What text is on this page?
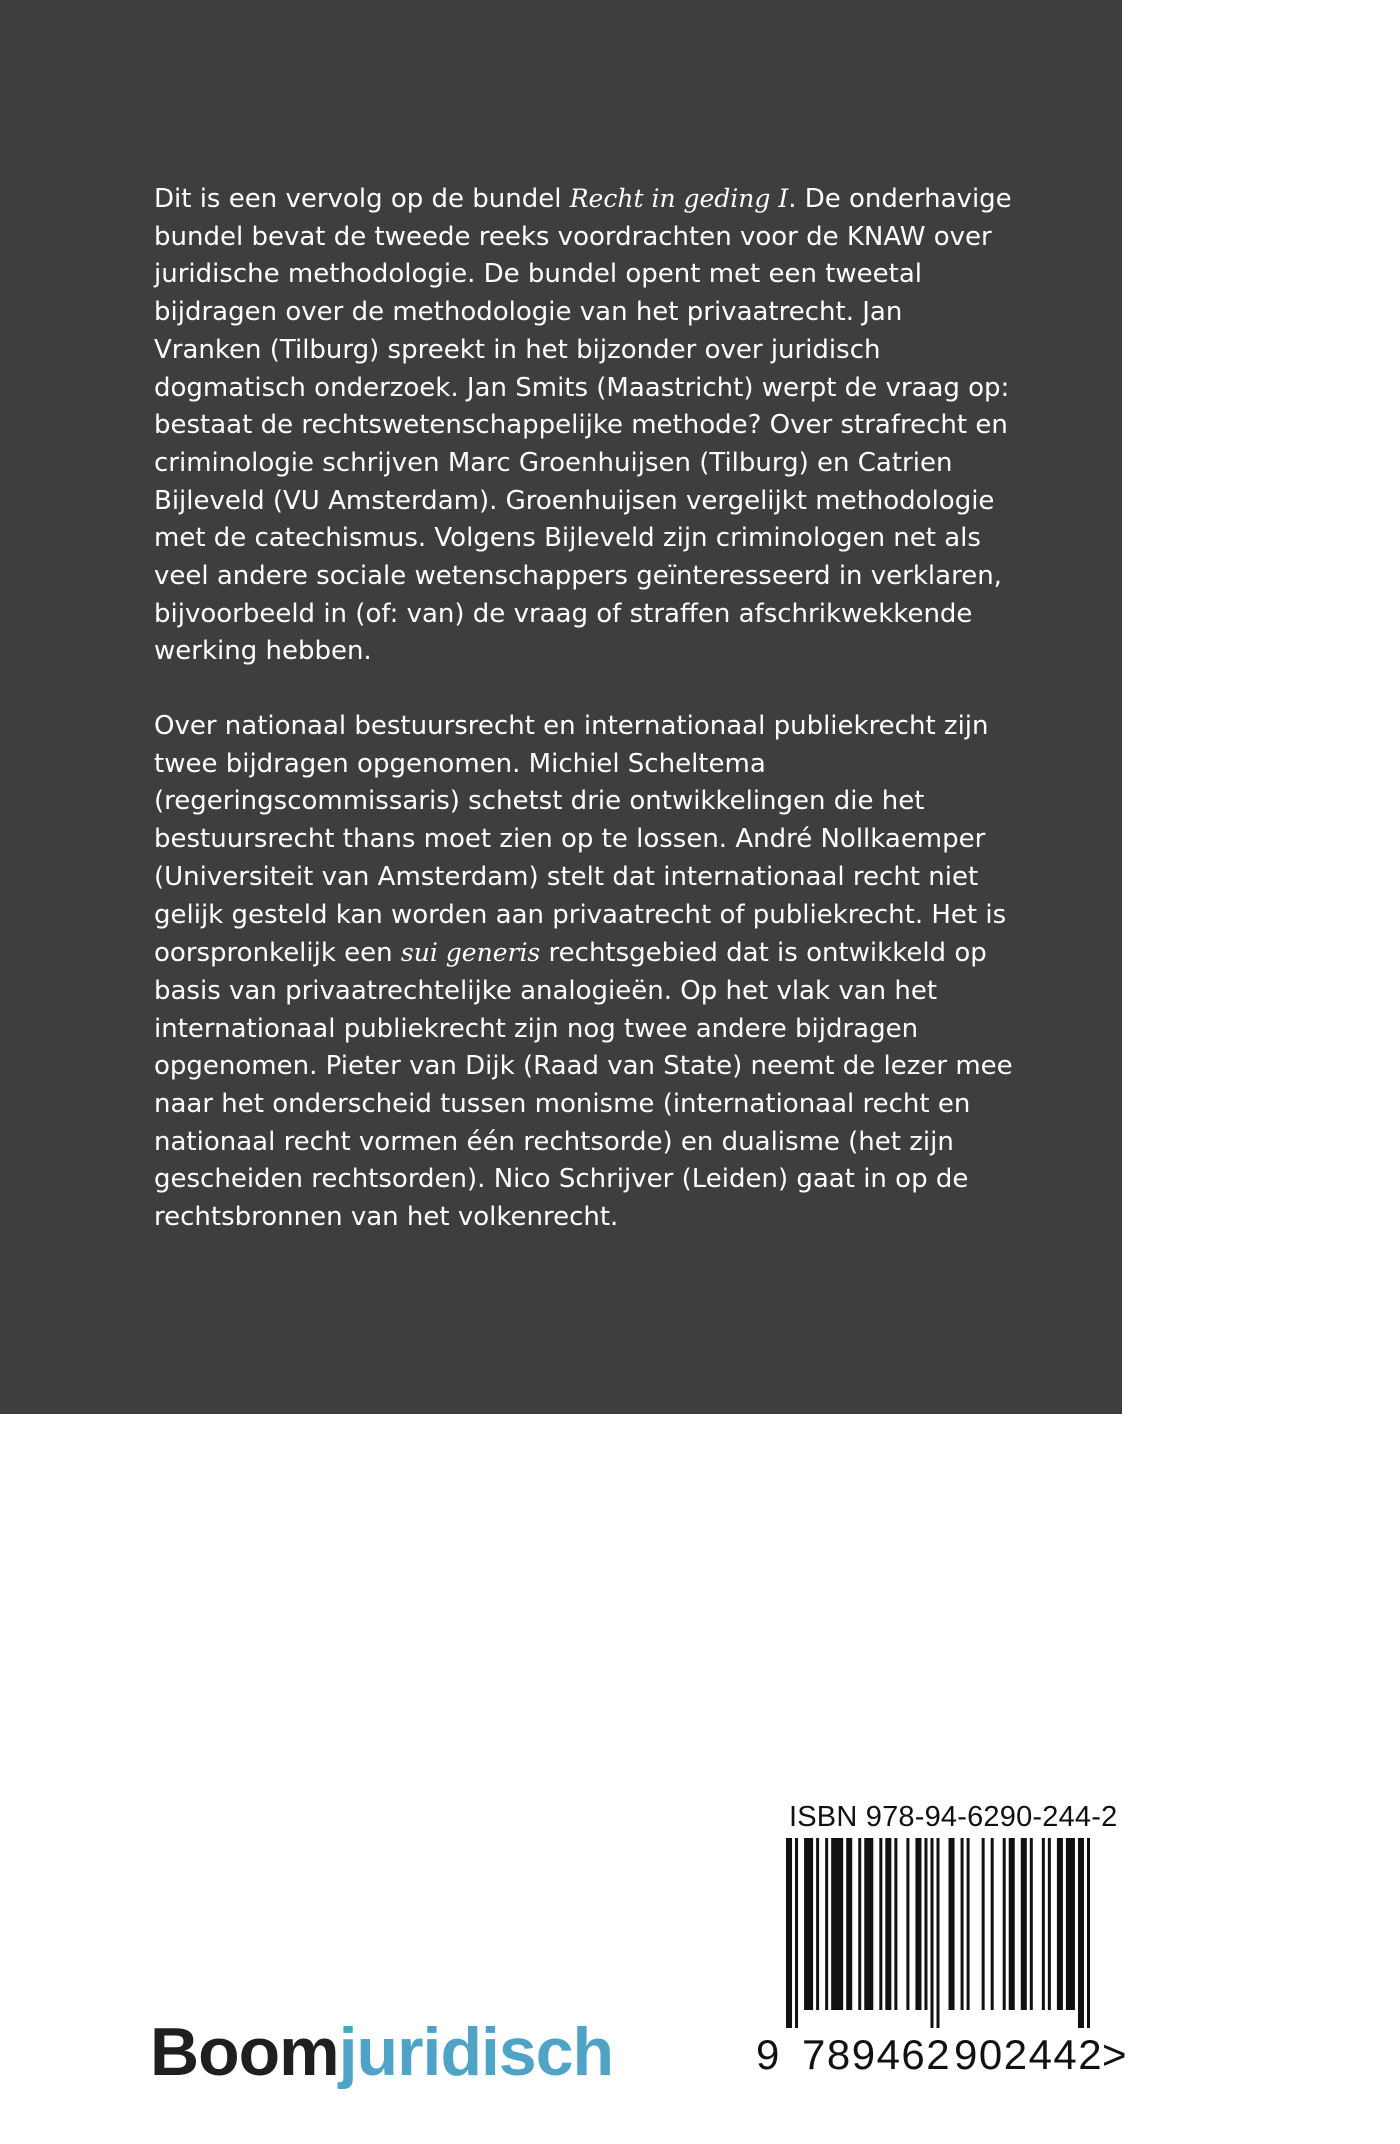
Dit is een vervolg op de bundel Recht in geding I. De onderhavige bundel bevat de tweede reeks voordrachten voor de KNAW over juridische methodologie. De bundel opent met een tweetal bijdragen over de methodologie van het privaatrecht. Jan Vranken (Tilburg) spreekt in het bijzonder over juridisch dogmatisch onderzoek. Jan Smits (Maastricht) werpt de vraag op: bestaat de rechtswetenschappelijke methode? Over strafrecht en criminologie schrijven Marc Groenhuijsen (Tilburg) en Catrien Bijleveld (VU Amsterdam). Groenhuijsen vergelijkt methodologie met de catechismus. Volgens Bijleveld zijn criminologen net als veel andere sociale wetenschappers geïnteresseerd in verklaren, bijvoorbeeld in (of: van) de vraag of straffen afschrikwekkende werking hebben.

Over nationaal bestuursrecht en internationaal publiekrecht zijn twee bijdragen opgenomen. Michiel Scheltema (regeringscommissaris) schetst drie ontwikkelingen die het bestuursrecht thans moet zien op te lossen. André Nollkaemper (Universiteit van Amsterdam) stelt dat internationaal recht niet gelijk gesteld kan worden aan privaatrecht of publiekrecht. Het is oorspronkelijk een sui generis rechtsgebied dat is ontwikkeld op basis van privaatrechtelijke analogieën. Op het vlak van het internationaal publiekrecht zijn nog twee andere bijdragen opgenomen. Pieter van Dijk (Raad van State) neemt de lezer mee naar het onderscheid tussen monisme (internationaal recht en nationaal recht vormen één rechtsorde) en dualisme (het zijn gescheiden rechtsorden). Nico Schrijver (Leiden) gaat in op de rechtsbronnen van het volkenrecht.

ISBN 978-94-6290-244-2
9 789462 902442
>
Boomjuridisch
